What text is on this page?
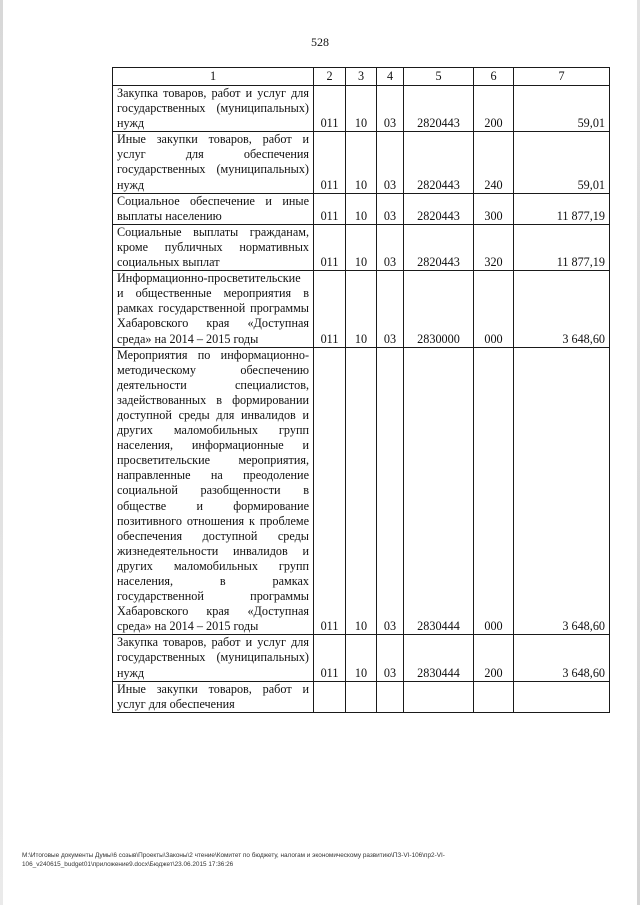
528
1	2	3	4	5	6	7
Закупка товаров, работ и услуг для государственных (муниципальных) нужд	011	10	03	2820443	200	59,01
Иные закупки товаров, работ и услуг для обеспечения государственных (муниципальных) нужд	011	10	03	2820443	240	59,01
Социальное обеспечение и иные выплаты населению	011	10	03	2820443	300	11 877,19
Социальные выплаты гражданам, кроме публичных нормативных социальных выплат	011	10	03	2820443	320	11 877,19
Информационно-просветительские и общественные мероприятия в рамках государственной программы Хабаровского края «Доступная среда» на 2014 – 2015 годы	011	10	03	2830000	000	3 648,60
Мероприятия по информационно-методическому обеспечению деятельности специалистов, задействованных в формировании доступной среды для инвалидов и других маломобильных групп населения, информационные и просветительские мероприятия, направленные на преодоление социальной разобщенности в обществе и формирование позитивного отношения к проблеме обеспечения доступной среды жизнедеятельности инвалидов и других маломобильных групп населения, в рамках государственной программы Хабаровского края «Доступная среда» на 2014 – 2015 годы	011	10	03	2830444	000	3 648,60
Закупка товаров, работ и услуг для государственных (муниципальных) нужд	011	10	03	2830444	200	3 648,60
Иные закупки товаров, работ и услуг для обеспечения						
M:\Итоговые документы Думы\6 созыв\Проекты\Законы\2 чтение\Комитет по бюджету, налогам и экономическому развитию\ПЗ-VI-106\пр2-VI-
106_v240615_budget01\приложение9.docx\Бюджет\23.06.2015 17:36:26
